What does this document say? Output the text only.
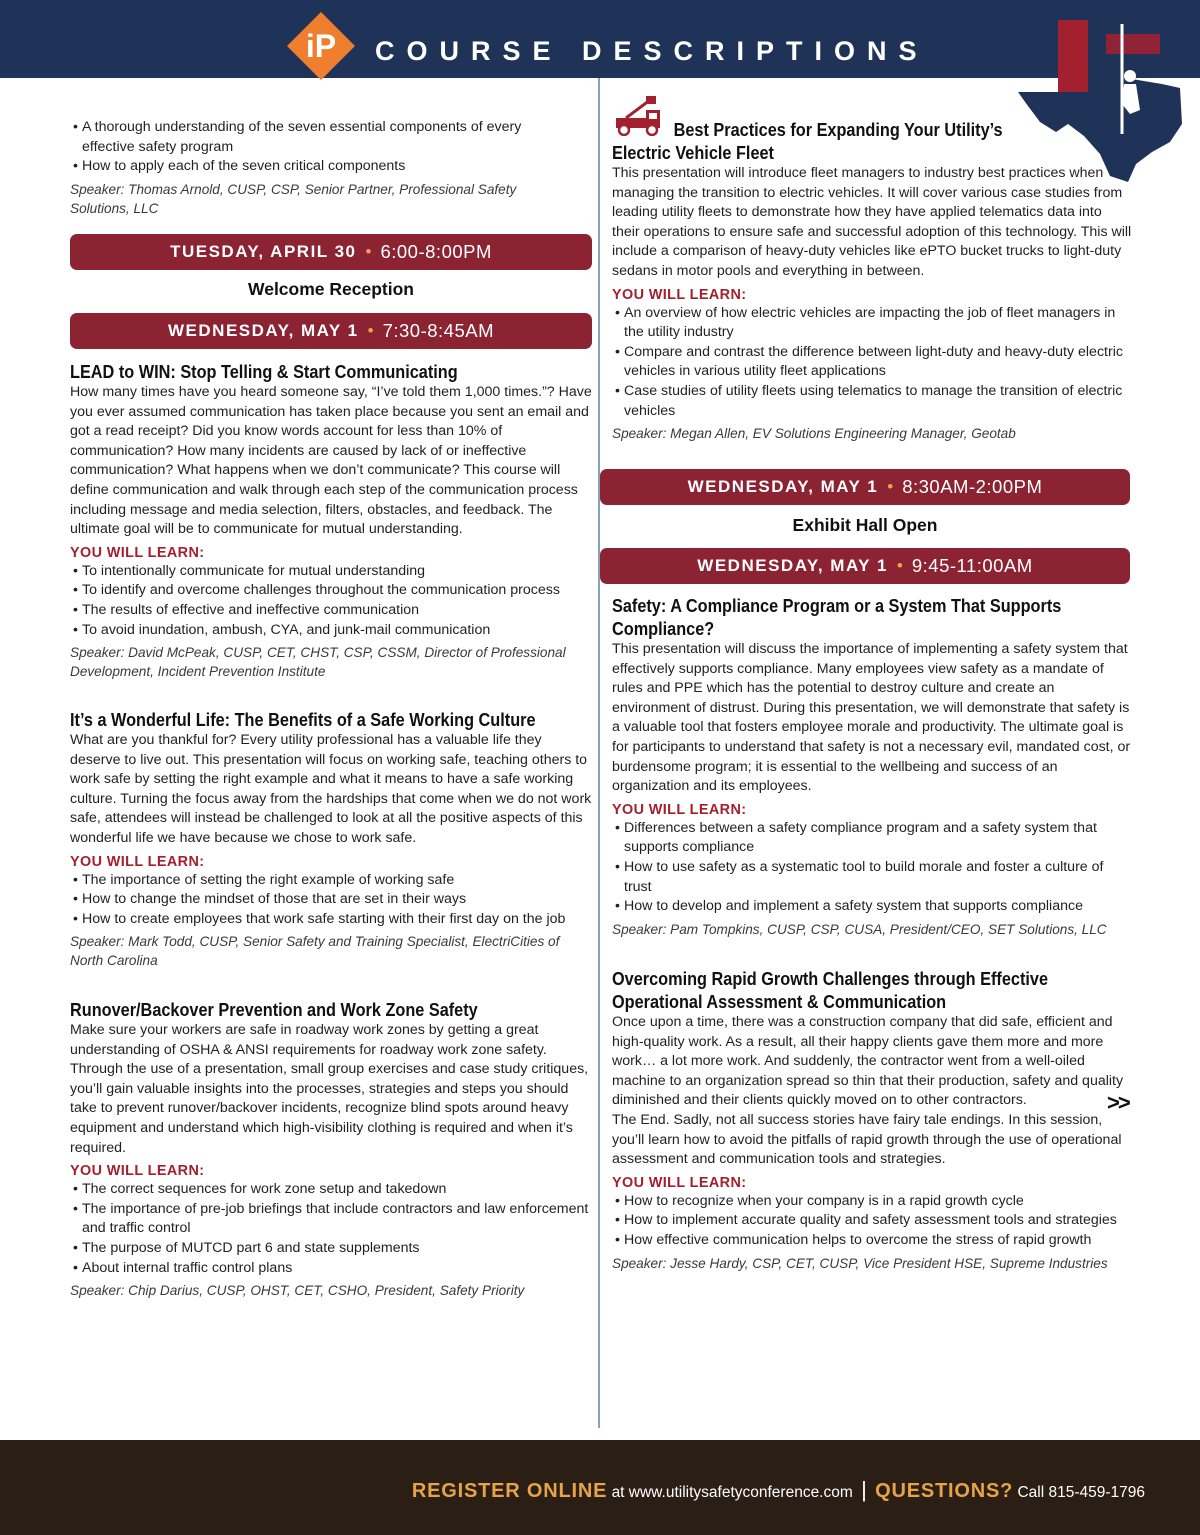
iP COURSE DESCRIPTIONS
• A thorough understanding of the seven essential components of every effective safety program
• How to apply each of the seven critical components
Speaker: Thomas Arnold, CUSP, CSP, Senior Partner, Professional Safety Solutions, LLC
TUESDAY, APRIL 30 • 6:00-8:00PM
Welcome Reception
WEDNESDAY, MAY 1 • 7:30-8:45AM
LEAD to WIN: Stop Telling & Start Communicating
How many times have you heard someone say, “I’ve told them 1,000 times.”? Have you ever assumed communication has taken place because you sent an email and got a read receipt? Did you know words account for less than 10% of communication? How many incidents are caused by lack of or ineffective communication? What happens when we don’t communicate? This course will define communication and walk through each step of the communication process including message and media selection, filters, obstacles, and feedback. The ultimate goal will be to communicate for mutual understanding.
YOU WILL LEARN:
• To intentionally communicate for mutual understanding
• To identify and overcome challenges throughout the communication process
• The results of effective and ineffective communication
• To avoid inundation, ambush, CYA, and junk-mail communication
Speaker: David McPeak, CUSP, CET, CHST, CSP, CSSM, Director of Professional Development, Incident Prevention Institute
It’s a Wonderful Life: The Benefits of a Safe Working Culture
What are you thankful for? Every utility professional has a valuable life they deserve to live out. This presentation will focus on working safe, teaching others to work safe by setting the right example and what it means to have a safe working culture. Turning the focus away from the hardships that come when we do not work safe, attendees will instead be challenged to look at all the positive aspects of this wonderful life we have because we chose to work safe.
YOU WILL LEARN:
• The importance of setting the right example of working safe
• How to change the mindset of those that are set in their ways
• How to create employees that work safe starting with their first day on the job
Speaker: Mark Todd, CUSP, Senior Safety and Training Specialist, ElectriCities of North Carolina
Runover/Backover Prevention and Work Zone Safety
Make sure your workers are safe in roadway work zones by getting a great understanding of OSHA & ANSI requirements for roadway work zone safety. Through the use of a presentation, small group exercises and case study critiques, you’ll gain valuable insights into the processes, strategies and steps you should take to prevent runover/backover incidents, recognize blind spots around heavy equipment and understand which high-visibility clothing is required and when it’s required.
YOU WILL LEARN:
• The correct sequences for work zone setup and takedown
• The importance of pre-job briefings that include contractors and law enforcement and traffic control
• The purpose of MUTCD part 6 and state supplements
• About internal traffic control plans
Speaker: Chip Darius, CUSP, OHST, CET, CSHO, President, Safety Priority
Best Practices for Expanding Your Utility’s
Electric Vehicle Fleet
This presentation will introduce fleet managers to industry best practices when managing the transition to electric vehicles. It will cover various case studies from leading utility fleets to demonstrate how they have applied telematics data into their operations to ensure safe and successful adoption of this technology. This will include a comparison of heavy-duty vehicles like ePTO bucket trucks to light-duty sedans in motor pools and everything in between.
YOU WILL LEARN:
• An overview of how electric vehicles are impacting the job of fleet managers in the utility industry
• Compare and contrast the difference between light-duty and heavy-duty electric vehicles in various utility fleet applications
• Case studies of utility fleets using telematics to manage the transition of electric vehicles
Speaker: Megan Allen, EV Solutions Engineering Manager, Geotab
WEDNESDAY, MAY 1 • 8:30AM-2:00PM
Exhibit Hall Open
WEDNESDAY, MAY 1 • 9:45-11:00AM
Safety: A Compliance Program or a System That Supports
Compliance?
This presentation will discuss the importance of implementing a safety system that effectively supports compliance. Many employees view safety as a mandate of rules and PPE which has the potential to destroy culture and create an environment of distrust. During this presentation, we will demonstrate that safety is a valuable tool that fosters employee morale and productivity. The ultimate goal is for participants to understand that safety is not a necessary evil, mandated cost, or burdensome program; it is essential to the wellbeing and success of an organization and its employees.
YOU WILL LEARN:
• Differences between a safety compliance program and a safety system that supports compliance
• How to use safety as a systematic tool to build morale and foster a culture of trust
• How to develop and implement a safety system that supports compliance
Speaker: Pam Tompkins, CUSP, CSP, CUSA, President/CEO, SET Solutions, LLC
Overcoming Rapid Growth Challenges through Effective
Operational Assessment & Communication
Once upon a time, there was a construction company that did safe, efficient and high-quality work. As a result, all their happy clients gave them more and more work… a lot more work. And suddenly, the contractor went from a well-oiled machine to an organization spread so thin that their production, safety and quality diminished and their clients quickly moved on to other contractors.
The End. Sadly, not all success stories have fairy tale endings. In this session, you’ll learn how to avoid the pitfalls of rapid growth through the use of operational assessment and communication tools and strategies.
YOU WILL LEARN:
• How to recognize when your company is in a rapid growth cycle
• How to implement accurate quality and safety assessment tools and strategies
• How effective communication helps to overcome the stress of rapid growth
Speaker: Jesse Hardy, CSP, CET, CUSP, Vice President HSE, Supreme Industries
>>
REGISTER ONLINE at www.utilitysafetyconference.com | QUESTIONS? Call 815-459-1796
